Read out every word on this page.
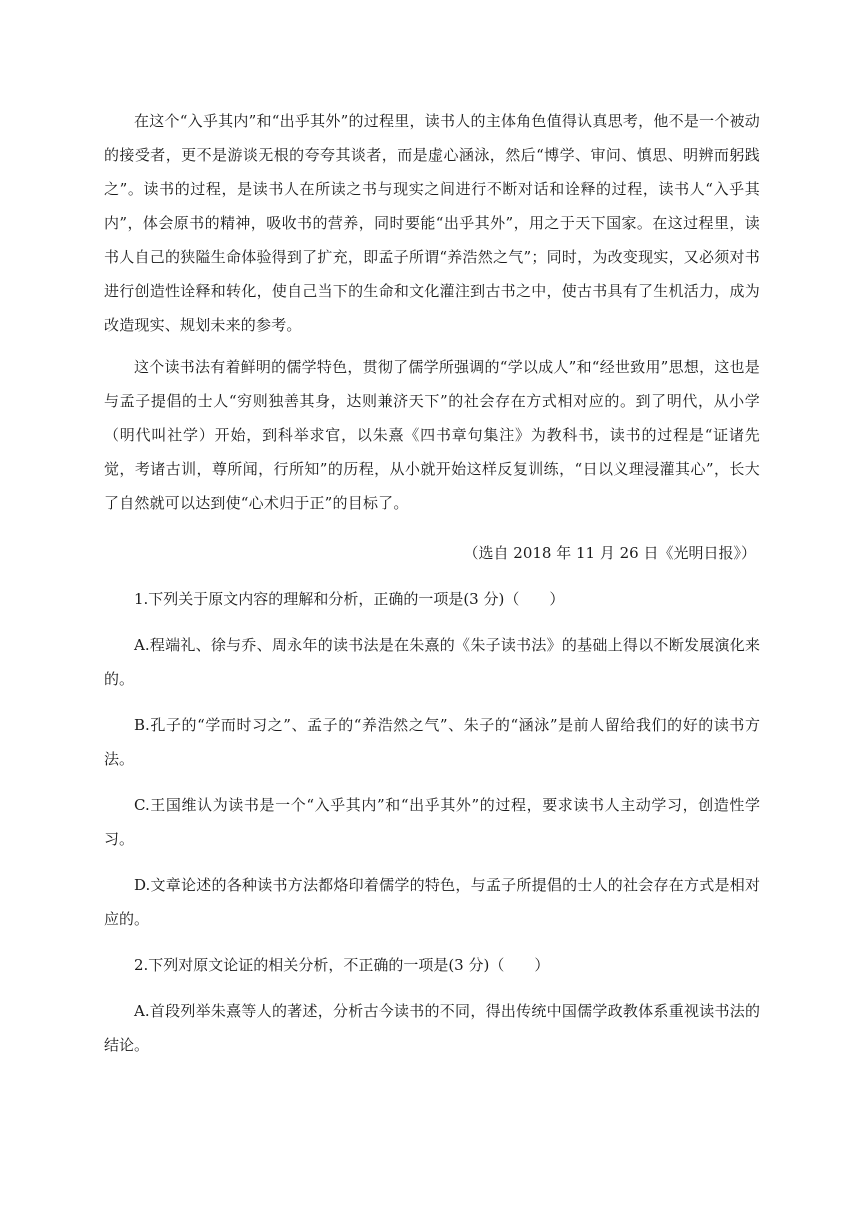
在这个“入乎其内”和“出乎其外”的过程里，读书人的主体角色值得认真思考，他不是一个被动的接受者，更不是游谈无根的夸夸其谈者，而是虚心涵泳，然后“博学、审问、慎思、明辨而躬践之”。读书的过程，是读书人在所读之书与现实之间进行不断对话和诠释的过程，读书人“入乎其内”，体会原书的精神，吸收书的营养，同时要能“出乎其外”，用之于天下国家。在这过程里，读书人自己的狭隘生命体验得到了扩充，即孟子所谓“养浩然之气”；同时，为改变现实，又必须对书进行创造性诠释和转化，使自己当下的生命和文化灌注到古书之中，使古书具有了生机活力，成为改造现实、规划未来的参考。

这个读书法有着鲜明的儒学特色，贯彻了儒学所强调的“学以成人”和“经世致用”思想，这也是与孟子提倡的士人“穷则独善其身，达则兼济天下”的社会存在方式相对应的。到了明代，从小学（明代叫社学）开始，到科举求官，以朱熹《四书章句集注》为教科书，读书的过程是“证诸先觉，考诸古训，尊所闻，行所知”的历程，从小就开始这样反复训练，“日以义理浸灌其心”，长大了自然就可以达到使“心术归于正”的目标了。

（选自 2018 年 11 月 26 日《光明日报》）

1.下列关于原文内容的理解和分析，正确的一项是(3 分)（　　）

A.程端礼、徐与乔、周永年的读书法是在朱熹的《朱子读书法》的基础上得以不断发展演化来的。

B.孔子的“学而时习之”、孟子的“养浩然之气”、朱子的“涵泳”是前人留给我们的好的读书方法。

C.王国维认为读书是一个“入乎其内”和“出乎其外”的过程，要求读书人主动学习，创造性学习。

D.文章论述的各种读书方法都烙印着儒学的特色，与孟子所提倡的士人的社会存在方式是相对应的。

2.下列对原文论证的相关分析，不正确的一项是(3 分)（　　）

A.首段列举朱熹等人的著述，分析古今读书的不同，得出传统中国儒学政教体系重视读书法的结论。
